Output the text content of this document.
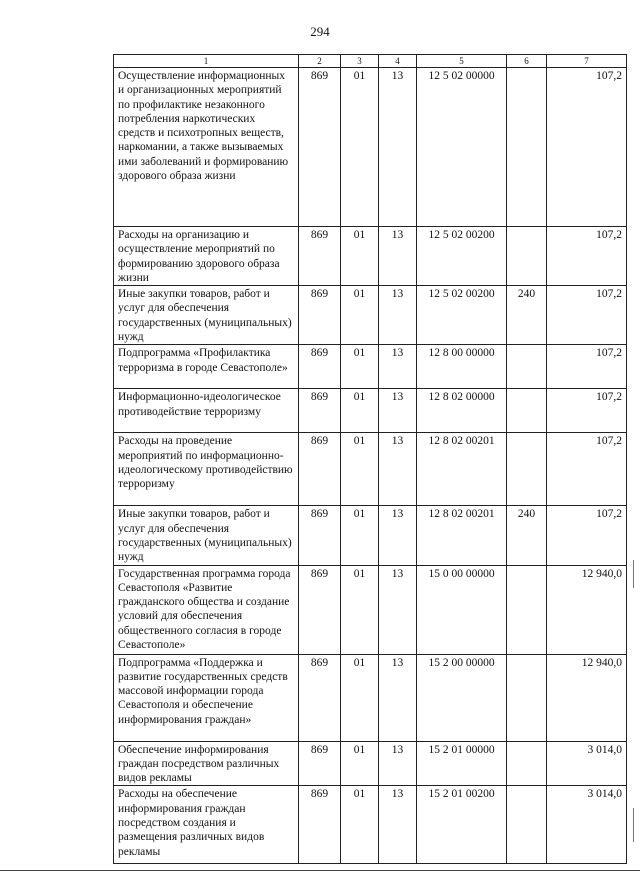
294
1	2	3	4	5	6	7
Осуществление информационных и организационных мероприятий по профилактике незаконного потребления наркотических средств и психотропных веществ, наркомании, а также вызываемых ими заболеваний и формированию здорового образа жизни	869	01	13	12 5 02 00000		107,2
Расходы на организацию и осуществление мероприятий по формированию здорового образа жизни	869	01	13	12 5 02 00200		107,2
Иные закупки товаров, работ и услуг для обеспечения государственных (муниципальных) нужд	869	01	13	12 5 02 00200	240	107,2
Подпрограмма «Профилактика терроризма в городе Севастополе»	869	01	13	12 8 00 00000		107,2
Информационно-идеологическое противодействие терроризму	869	01	13	12 8 02 00000		107,2
Расходы на проведение мероприятий по информационно-идеологическому противодействию терроризму	869	01	13	12 8 02 00201		107,2
Иные закупки товаров, работ и услуг для обеспечения государственных (муниципальных) нужд	869	01	13	12 8 02 00201	240	107,2
Государственная программа города Севастополя «Развитие гражданского общества и создание условий для обеспечения общественного согласия в городе Севастополе»	869	01	13	15 0 00 00000		12 940,0
Подпрограмма «Поддержка и развитие государственных средств массовой информации города Севастополя и обеспечение информирования граждан»	869	01	13	15 2 00 00000		12 940,0
Обеспечение информирования граждан посредством различных видов рекламы	869	01	13	15 2 01 00000		3 014,0
Расходы на обеспечение информирования граждан посредством создания и размещения различных видов рекламы	869	01	13	15 2 01 00200		3 014,0
